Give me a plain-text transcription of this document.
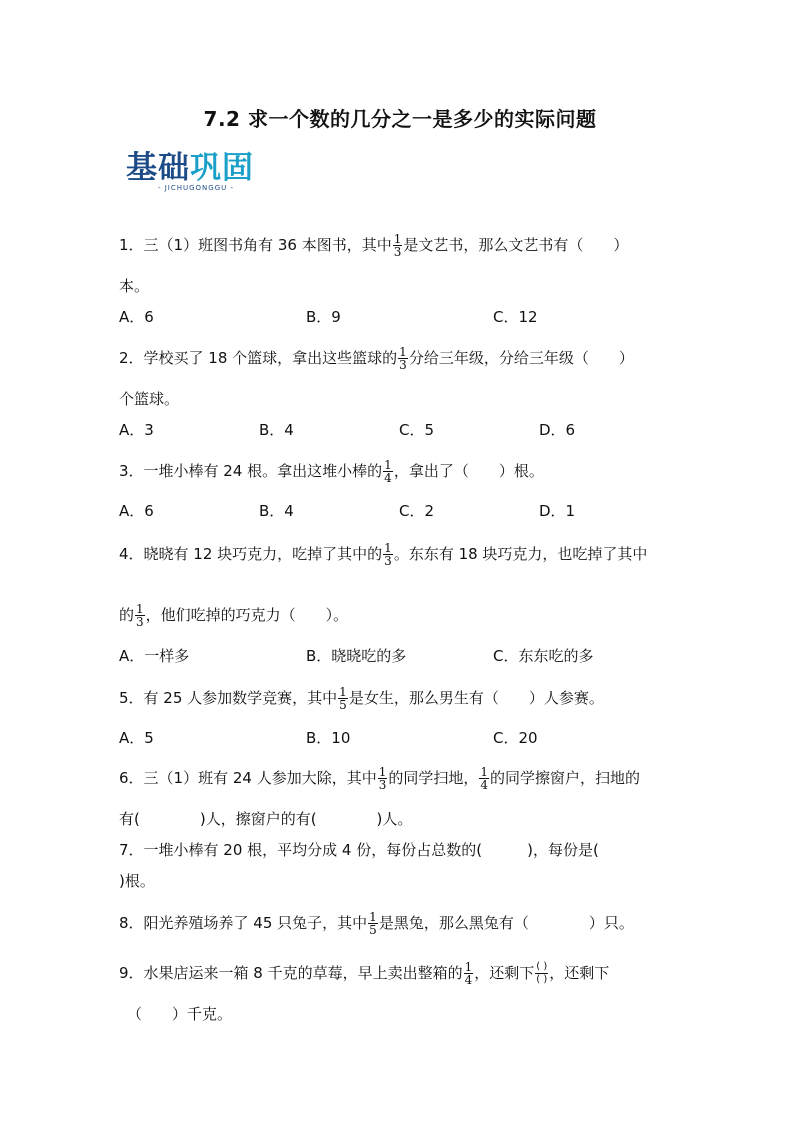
7.2 求一个数的几分之一是多少的实际问题
基础巩固
- JICHUGONGGU -
1．三（1）班图书角有 36 本图书，其中 $\frac{1}{3}$ 是文艺书，那么文艺书有（　　）
本。
A．6	B．9	C．12
2．学校买了 18 个篮球，拿出这些篮球的 $\frac{1}{3}$ 分给三年级，分给三年级（　　）
个篮球。
A．3	B．4	C．5	D．6
3．一堆小棒有 24 根。拿出这堆小棒的 $\frac{1}{4}$ ，拿出了（　　）根。
A．6	B．4	C．2	D．1
4．晓晓有 12 块巧克力，吃掉了其中的 $\frac{1}{3}$ 。东东有 18 块巧克力，也吃掉了其中
的 $\frac{1}{3}$ ，他们吃掉的巧克力（　　）。
A．一样多	B．晓晓吃的多	C．东东吃的多
5．有 25 人参加数学竞赛，其中 $\frac{1}{5}$ 是女生，那么男生有（　　）人参赛。
A．5	B．10	C．20
6．三（1）班有 24 人参加大除，其中 $\frac{1}{3}$ 的同学扫地， $\frac{1}{4}$ 的同学擦窗户，扫地的
有(　　　　)人，擦窗户的有(　　　　)人。
7．一堆小棒有 20 根，平均分成 4 份，每份占总数的(　　　)，每份是(
)根。
8．阳光养殖场养了 45 只兔子，其中 $\frac{1}{5}$ 是黑兔，那么黑兔有（　　　　）只。
9．水果店运来一箱 8 千克的草莓，早上卖出整箱的 $\frac{1}{4}$ ，还剩下 $\frac{( )}{( )}$ ，还剩下
（　　）千克。
